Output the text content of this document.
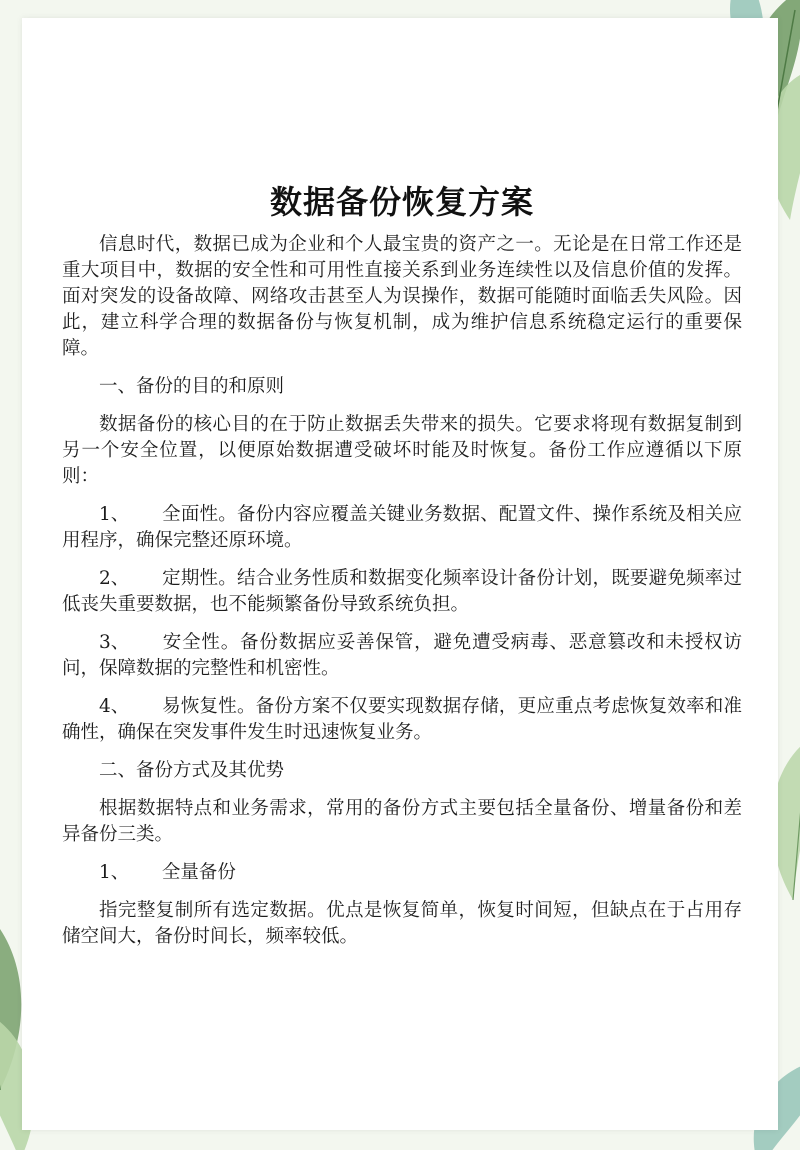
数据备份恢复方案

信息时代，数据已成为企业和个人最宝贵的资产之一。无论是在日常工作还是重大项目中，数据的安全性和可用性直接关系到业务连续性以及信息价值的发挥。面对突发的设备故障、网络攻击甚至人为误操作，数据可能随时面临丢失风险。因此，建立科学合理的数据备份与恢复机制，成为维护信息系统稳定运行的重要保障。

一、备份的目的和原则

数据备份的核心目的在于防止数据丢失带来的损失。它要求将现有数据复制到另一个安全位置，以便原始数据遭受破坏时能及时恢复。备份工作应遵循以下原则：

1、 全面性。备份内容应覆盖关键业务数据、配置文件、操作系统及相关应用程序，确保完整还原环境。

2、 定期性。结合业务性质和数据变化频率设计备份计划，既要避免频率过低丧失重要数据，也不能频繁备份导致系统负担。

3、 安全性。备份数据应妥善保管，避免遭受病毒、恶意篡改和未授权访问，保障数据的完整性和机密性。

4、 易恢复性。备份方案不仅要实现数据存储，更应重点考虑恢复效率和准确性，确保在突发事件发生时迅速恢复业务。

二、备份方式及其优势

根据数据特点和业务需求，常用的备份方式主要包括全量备份、增量备份和差异备份三类。

1、 全量备份

指完整复制所有选定数据。优点是恢复简单，恢复时间短，但缺点在于占用存储空间大，备份时间长，频率较低。
